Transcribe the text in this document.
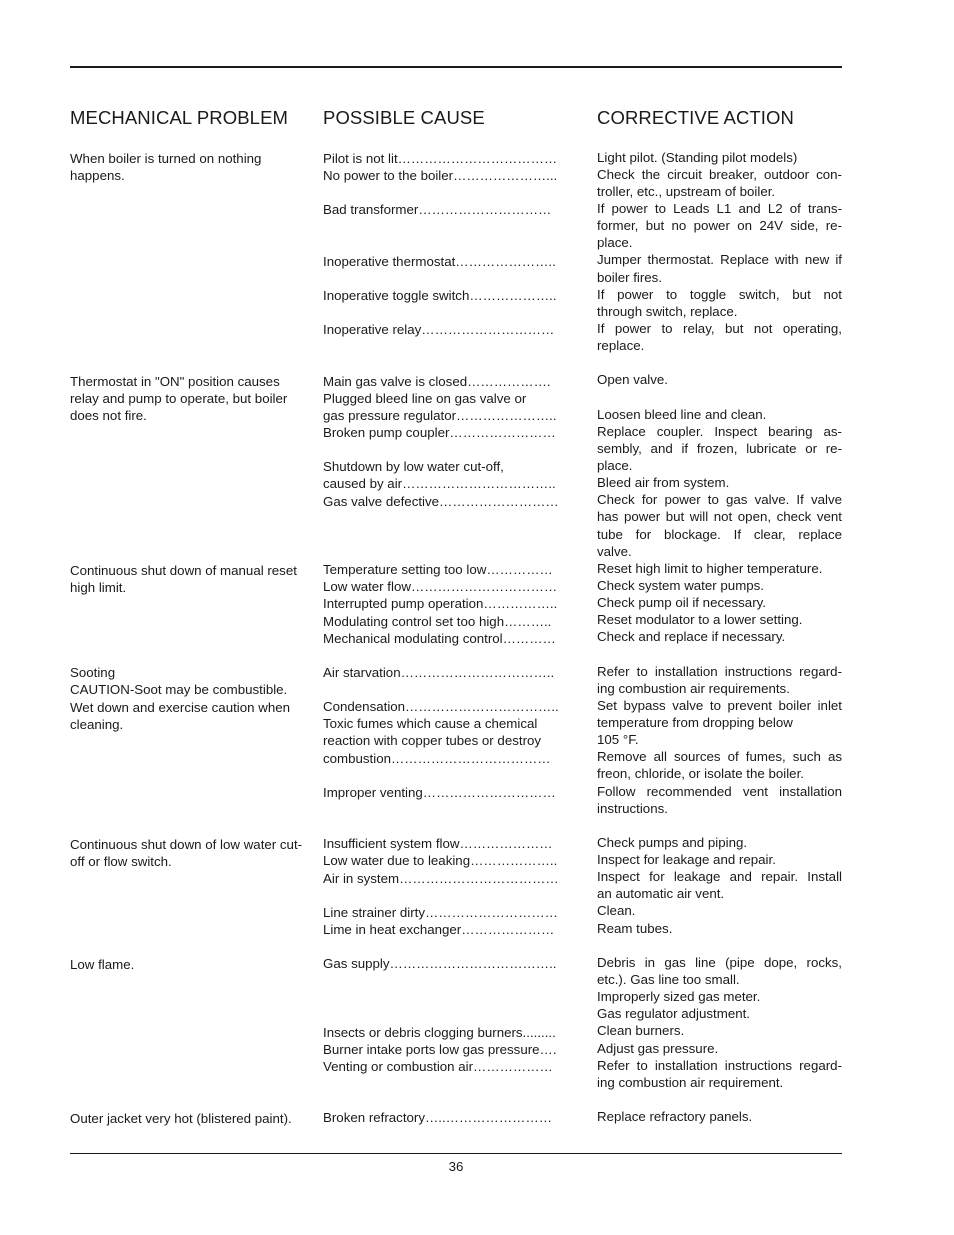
MECHANICAL PROBLEM POSSIBLE CAUSE	CORRECTIVE ACTION
When boiler is turned on nothing
happens.
Thermostat in "ON" position causes
relay and pump to operate, but boiler
does not fire.
Continuous shut down of manual reset
high limit.
Sooting
CAUTION-Soot may be combustible.
Wet down and exercise caution when
cleaning.
Continuous shut down of low water cut-
off or flow switch.
Low flame.
Outer jacket very hot (blistered paint).
Pilot is not lit………………………………
No power to the boiler…………………...
Bad transformer…………………………
Inoperative thermostat…………………..
Inoperative toggle switch………………..
Inoperative relay…………………………
Main gas valve is closed……………….
Plugged bleed line on gas valve or
gas pressure regulator…………………..
Broken pump coupler……………………
Shutdown by low water cut-off,
caused by air……………………………..
Gas valve defective………………………
Temperature setting too low……………
Low water flow……………………………
Interrupted pump operation……………..
Modulating control set too high………..
Mechanical modulating control…………
Air starvation……………………………..
Condensation……………………………..
Toxic fumes which cause a chemical
reaction with copper tubes or destroy
combustion………………………………
Improper venting…………………………
Insufficient system flow…………………
Low water due to leaking………………..
Air in system………………………………
Line strainer dirty…………………………
Lime in heat exchanger…………………
Gas supply………………………………..
Insects or debris clogging burners.........
Burner intake ports low gas pressure….
Venting or combustion air………………
Broken refractory…..……………………
Light pilot. (Standing pilot models)
Check the circuit breaker, outdoor con-
troller, etc., upstream of boiler.
If power to Leads L1 and L2 of trans-
former, but no power on 24V side, re-
place.
Jumper thermostat. Replace with new if
boiler fires.
If power to toggle switch, but not
through switch, replace.
If power to relay, but not operating,
replace.
Open valve.
Loosen bleed line and clean.
Replace coupler. Inspect bearing as-
sembly, and if frozen, lubricate or re-
place.
Bleed air from system.
Check for power to gas valve. If valve
has power but will not open, check vent
tube for blockage. If clear, replace
valve.
Reset high limit to higher temperature.
Check system water pumps.
Check pump oil if necessary.
Reset modulator to a lower setting.
Check and replace if necessary.
Refer to installation instructions regard-
ing combustion air requirements.
Set bypass valve to prevent boiler inlet
temperature from dropping below
105 °F.
Remove all sources of fumes, such as
freon, chloride, or isolate the boiler.
Follow recommended vent installation
instructions.
Check pumps and piping.
Inspect for leakage and repair.
Inspect for leakage and repair. Install
an automatic air vent.
Clean.
Ream tubes.
Debris in gas line (pipe dope, rocks,
etc.). Gas line too small.
Improperly sized gas meter.
Gas regulator adjustment.
Clean burners.
Adjust gas pressure.
Refer to installation instructions regard-
ing combustion air requirement.
Replace refractory panels.
36
